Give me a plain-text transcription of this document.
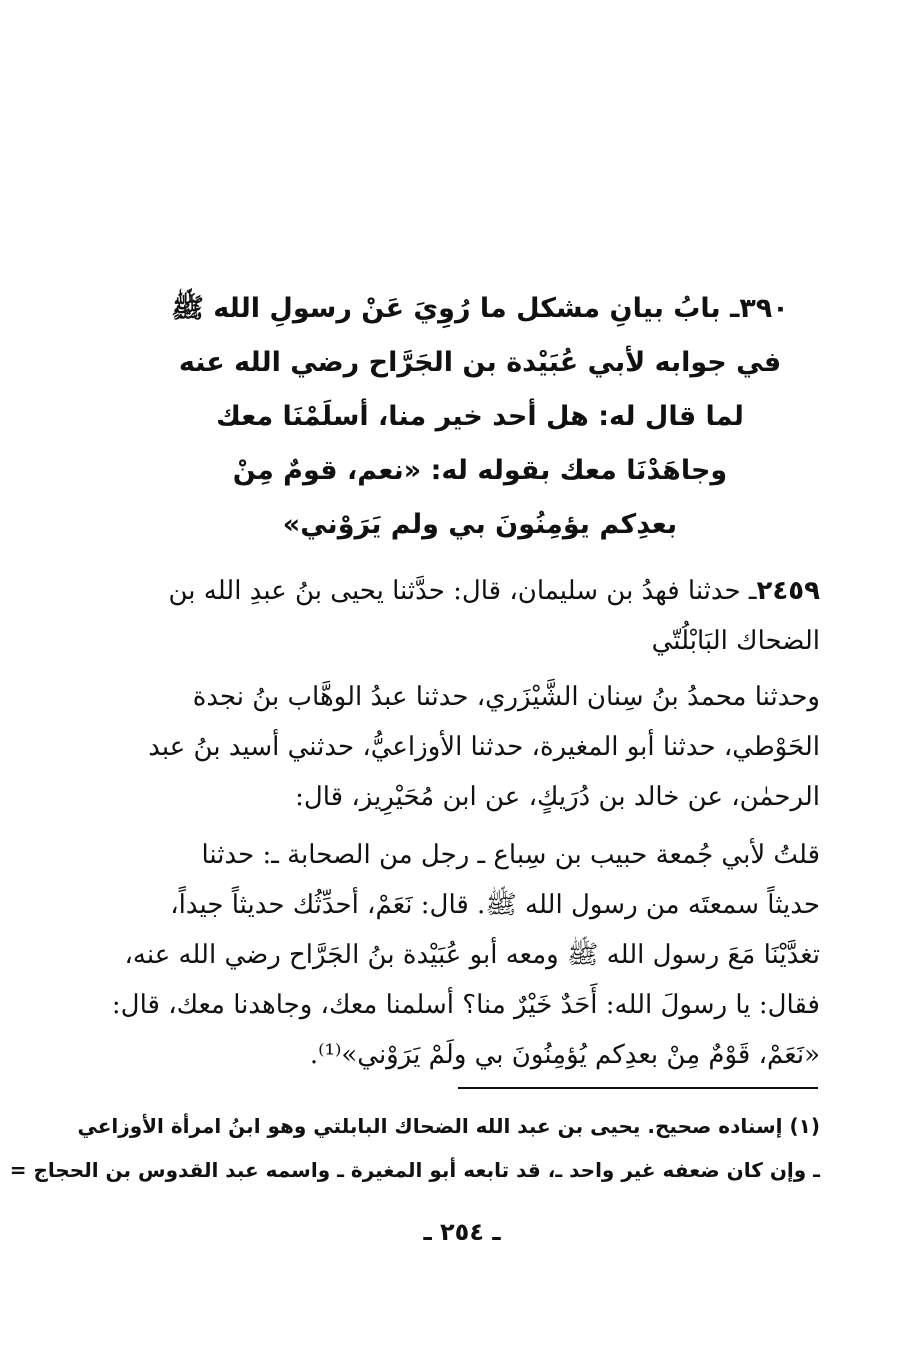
٣٩٠ـ بابُ بيانِ مشكل ما رُوِيَ عَنْ رسولِ الله ﷺ
في جوابه لأبي عُبَيْدة بن الجَرَّاح رضي الله عنه
لما قال له: هل أحد خير منا، أسلَمْنَا معك
وجاهَدْنَا معك بقوله له: «نعم، قومٌ مِنْ
بعدِكم يؤمِنُونَ بي ولم يَرَوْني»
٢٤٥٩ـ حدثنا فهدُ بن سليمان، قال: حدَّثنا يحيى بنُ عبدِ الله بن
الضحاك البَابْلُتّي
وحدثنا محمدُ بنُ سِنان الشَّيْزَري، حدثنا عبدُ الوهَّاب بنُ نجدة
الحَوْطي، حدثنا أبو المغيرة، حدثنا الأوزاعيُّ، حدثني أسيد بنُ عبد
الرحمٰن، عن خالد بن دُرَيكٍ، عن ابن مُحَيْرِيز، قال:
قلتُ لأبي جُمعة حبيب بن سِباع ـ رجل من الصحابة ـ: حدثنا
حديثاً سمعتَه من رسول الله ﷺ. قال: نَعَمْ، أحدِّثُك حديثاً جيداً،
تغدَّيْنَا مَعَ رسول الله ﷺ ومعه أبو عُبَيْدة بنُ الجَرَّاح رضي الله عنه،
فقال: يا رسولَ الله: أَحَدٌ خَيْرٌ منا؟ أسلمنا معك، وجاهدنا معك، قال:
«نَعَمْ، قَوْمٌ مِنْ بعدِكم يُؤمِنُونَ بي ولَمْ يَرَوْني»⁽¹⁾.
(١) إسناده صحيح. يحيى بن عبد الله الضحاك البابلتي وهو ابنُ امرأة الأوزاعي
ـ وإن كان ضعفه غير واحد ـ، قد تابعه أبو المغيرة ـ واسمه عبد القدوس بن الحجاج =
ـ ٢٥٤ ـ
